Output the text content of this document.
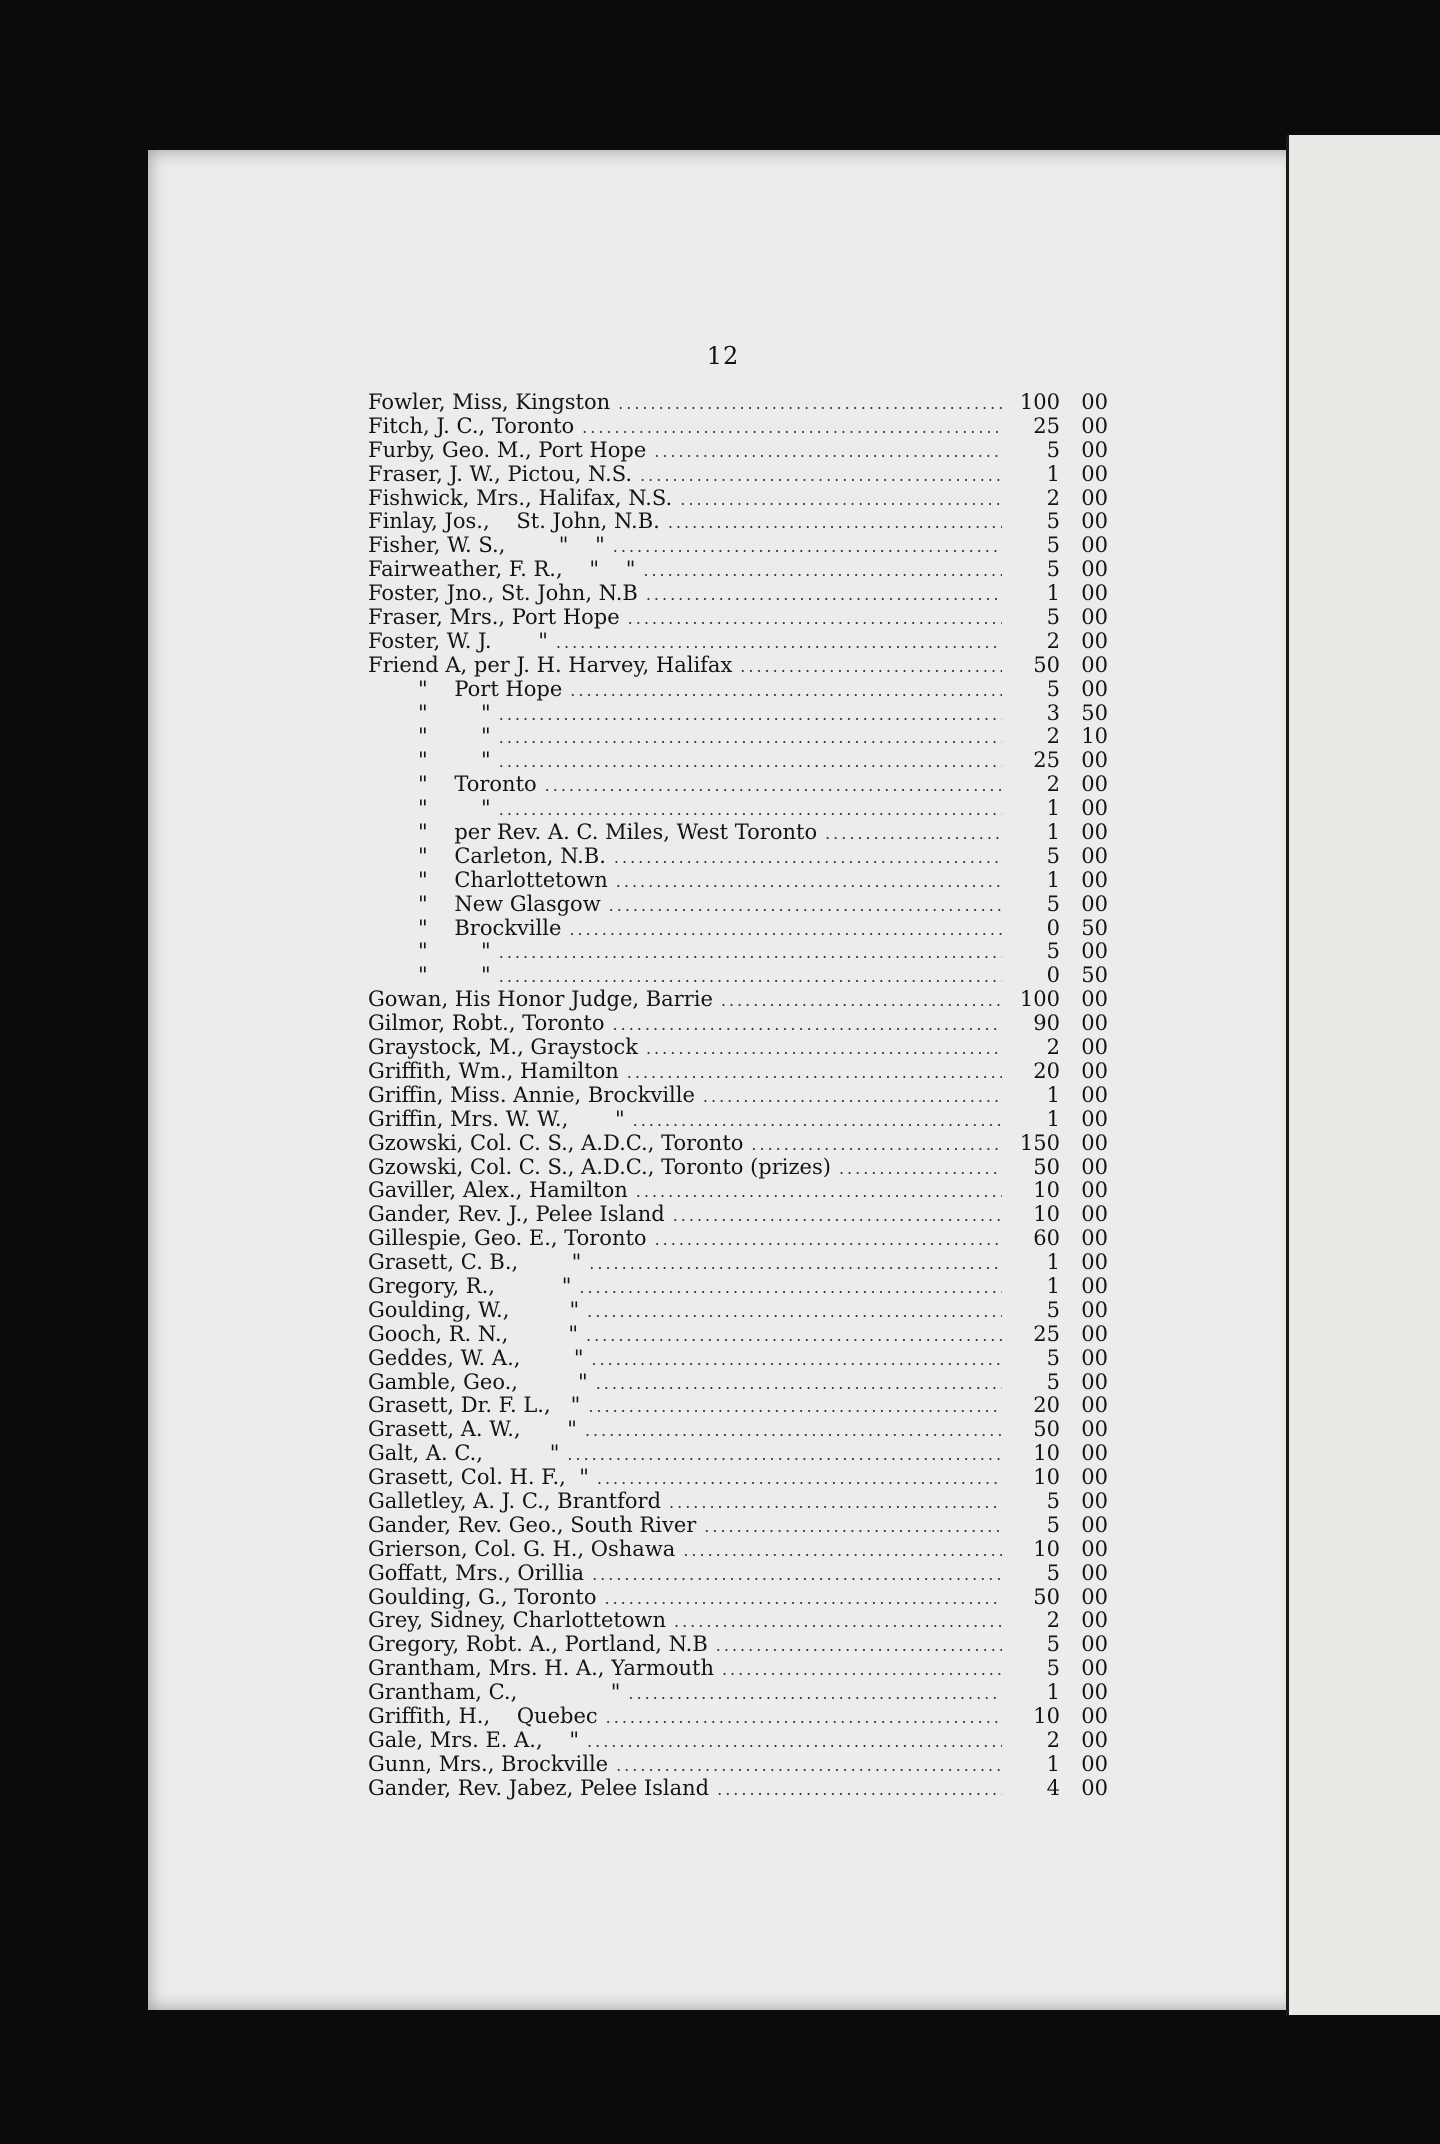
12
Fowler, Miss, Kingston .....	100	00
Fitch, J. C., Toronto .....	25	00
Furby, Geo. M., Port Hope .....	5	00
Fraser, J. W., Pictou, N.S. .....	1	00
Fishwick, Mrs., Halifax, N.S. .....	2	00
Finlay, Jos.,    St. John, N.B. .....	5	00
Fisher, W. S.,        "    " .....	5	00
Fairweather, F. R.,    "    " .....	5	00
Foster, Jno., St. John, N.B .....	1	00
Fraser, Mrs., Port Hope .....	5	00
Foster, W. J.       " .....	2	00
Friend A, per J. H. Harvey, Halifax .....	50	00
"    Port Hope .....	5	00
"        " .....	3	50
"        " .....	2	10
"        " .....	25	00
"    Toronto .....	2	00
"        " .....	1	00
"    per Rev. A. C. Miles, West Toronto .....	1	00
"    Carleton, N.B. .....	5	00
"    Charlottetown .....	1	00
"    New Glasgow .....	5	00
"    Brockville .....	0	50
"        " .....	5	00
"        " .....	0	50
Gowan, His Honor Judge, Barrie .....	100	00
Gilmor, Robt., Toronto .....	90	00
Graystock, M., Graystock .....	2	00
Griffith, Wm., Hamilton .....	20	00
Griffin, Miss. Annie, Brockville .....	1	00
Griffin, Mrs. W. W.,       " .....	1	00
Gzowski, Col. C. S., A.D.C., Toronto .....	150	00
Gzowski, Col. C. S., A.D.C., Toronto (prizes) .....	50	00
Gaviller, Alex., Hamilton .....	10	00
Gander, Rev. J., Pelee Island .....	10	00
Gillespie, Geo. E., Toronto .....	60	00
Grasett, C. B.,        " .....	1	00
Gregory, R.,          " .....	1	00
Goulding, W.,         " .....	5	00
Gooch, R. N.,         " .....	25	00
Geddes, W. A.,        " .....	5	00
Gamble, Geo.,         " .....	5	00
Grasett, Dr. F. L.,   " .....	20	00
Grasett, A. W.,       " .....	50	00
Galt, A. C.,          " .....	10	00
Grasett, Col. H. F.,  " .....	10	00
Galletley, A. J. C., Brantford .....	5	00
Gander, Rev. Geo., South River .....	5	00
Grierson, Col. G. H., Oshawa .....	10	00
Goffatt, Mrs., Orillia .....	5	00
Goulding, G., Toronto .....	50	00
Grey, Sidney, Charlottetown .....	2	00
Gregory, Robt. A., Portland, N.B .....	5	00
Grantham, Mrs. H. A., Yarmouth .....	5	00
Grantham, C.,              " .....	1	00
Griffith, H.,    Quebec .....	10	00
Gale, Mrs. E. A.,    " .....	2	00
Gunn, Mrs., Brockville .....	1	00
Gander, Rev. Jabez, Pelee Island .....	4	00
